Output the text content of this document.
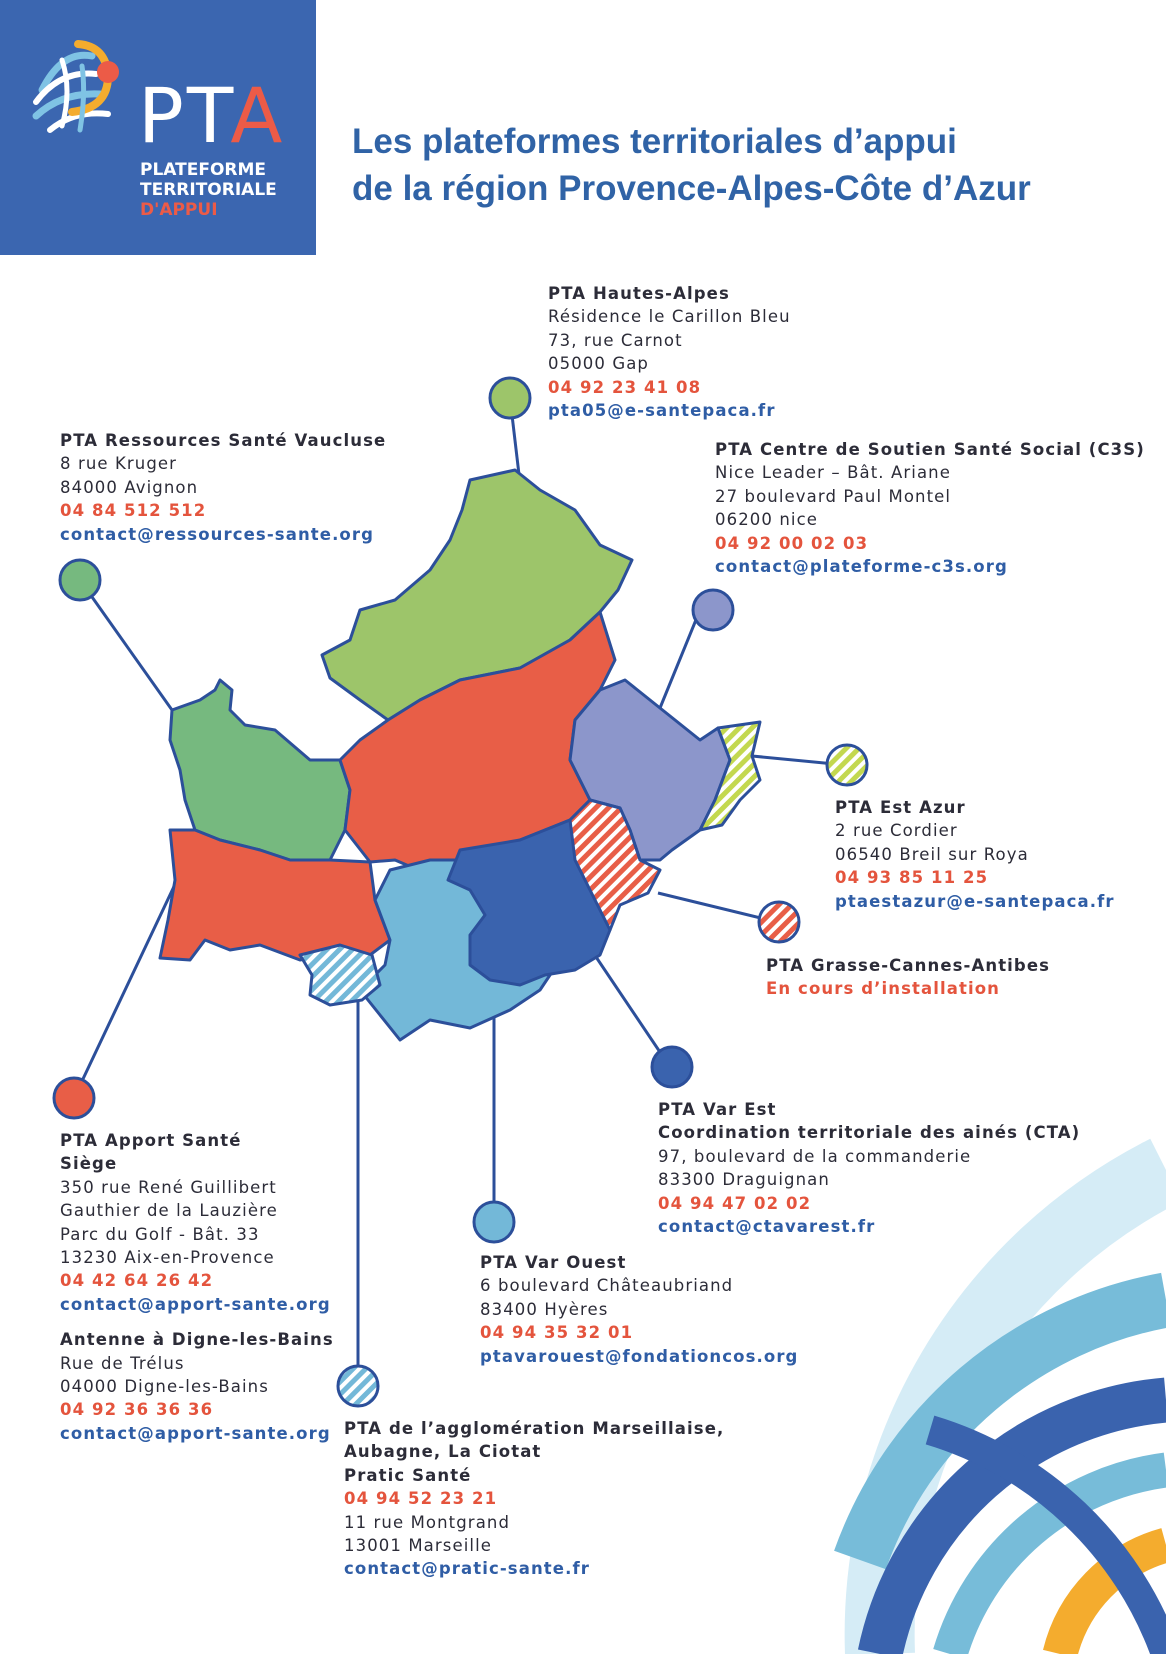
PTA

PLATEFORME
TERRITORIALE
D'APPUI

Les plateformes territoriales d’appui
de la région Provence-Alpes-Côte d’Azur
PTA Hautes-Alpes
Résidence le Carillon Bleu
73, rue Carnot
05000 Gap
04 92 23 41 08
pta05@e-santepaca.fr
PTA Ressources Santé Vaucluse
8 rue Kruger
84000 Avignon
04 84 512 512
contact@ressources-sante.org
PTA Centre de Soutien Santé Social (C3S)
Nice Leader – Bât. Ariane
27 boulevard Paul Montel
06200 nice
04 92 00 02 03
contact@plateforme-c3s.org
PTA Est Azur
2 rue Cordier
06540 Breil sur Roya
04 93 85 11 25
ptaestazur@e-santepaca.fr
PTA Grasse-Cannes-Antibes
En cours d’installation
PTA Var Est
Coordination territoriale des ainés (CTA)
97, boulevard de la commanderie
83300 Draguignan
04 94 47 02 02
contact@ctavarest.fr
PTA Var Ouest
6 boulevard Châteaubriand
83400 Hyères
04 94 35 32 01
ptavarouest@fondationcos.org
PTA Apport Santé
Siège
350 rue René Guillibert
Gauthier de la Lauzière
Parc du Golf - Bât. 33
13230 Aix-en-Provence
04 42 64 26 42
contact@apport-sante.org
Antenne à Digne-les-Bains
Rue de Trélus
04000 Digne-les-Bains
04 92 36 36 36
contact@apport-sante.org PTA de l’agglomération Marseillaise,
Aubagne, La Ciotat
Pratic Santé
04 94 52 23 21
11 rue Montgrand
13001 Marseille
contact@pratic-sante.fr
